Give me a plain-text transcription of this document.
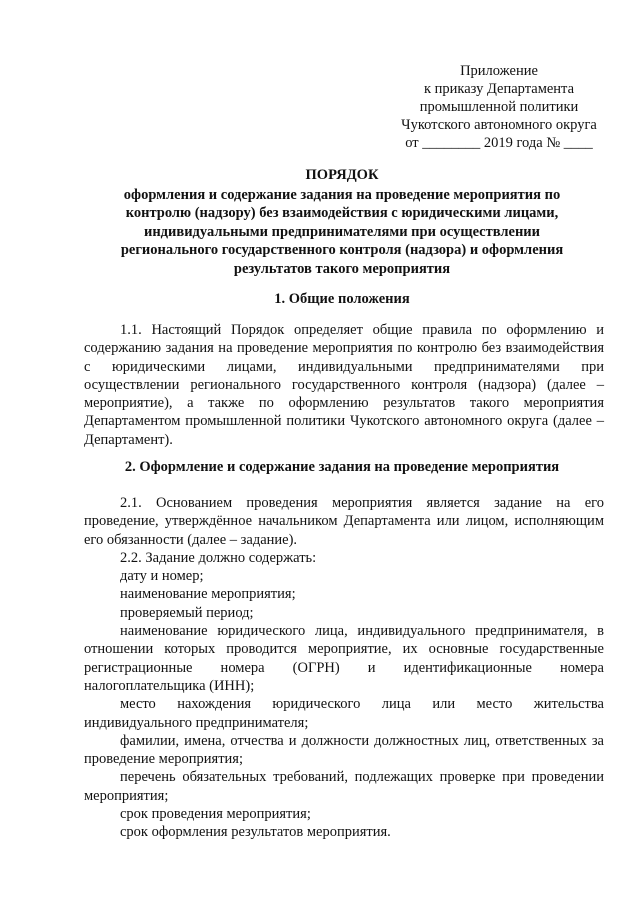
Приложение
к приказу Департамента
промышленной политики
Чукотского автономного округа
от ________ 2019 года № ____
ПОРЯДОК
оформления и содержание задания на проведение мероприятия по контролю (надзору) без взаимодействия с юридическими лицами, индивидуальными предпринимателями при осуществлении регионального государственного контроля (надзора) и оформления результатов такого мероприятия
1. Общие положения

1.1. Настоящий Порядок определяет общие правила по оформлению и содержанию задания на проведение мероприятия по контролю без взаимодействия с юридическими лицами, индивидуальными предпринимателями при осуществлении регионального государственного контроля (надзора) (далее – мероприятие), а также по оформлению результатов такого мероприятия Департаментом промышленной политики Чукотского автономного округа (далее – Департамент).

2. Оформление и содержание задания на проведение мероприятия

2.1. Основанием проведения мероприятия является задание на его проведение, утверждённое начальником Департамента или лицом, исполняющим его обязанности (далее – задание).

2.2. Задание должно содержать:

дату и номер;

наименование мероприятия;

проверяемый период;

наименование юридического лица, индивидуального предпринимателя, в отношении которых проводится мероприятие, их основные государственные регистрационные номера (ОГРН) и идентификационные номера налогоплательщика (ИНН);

место нахождения юридического лица или место жительства индивидуального предпринимателя;

фамилии, имена, отчества и должности должностных лиц, ответственных за проведение мероприятия;

перечень обязательных требований, подлежащих проверке при проведении мероприятия;

срок проведения мероприятия;

срок оформления результатов мероприятия.
